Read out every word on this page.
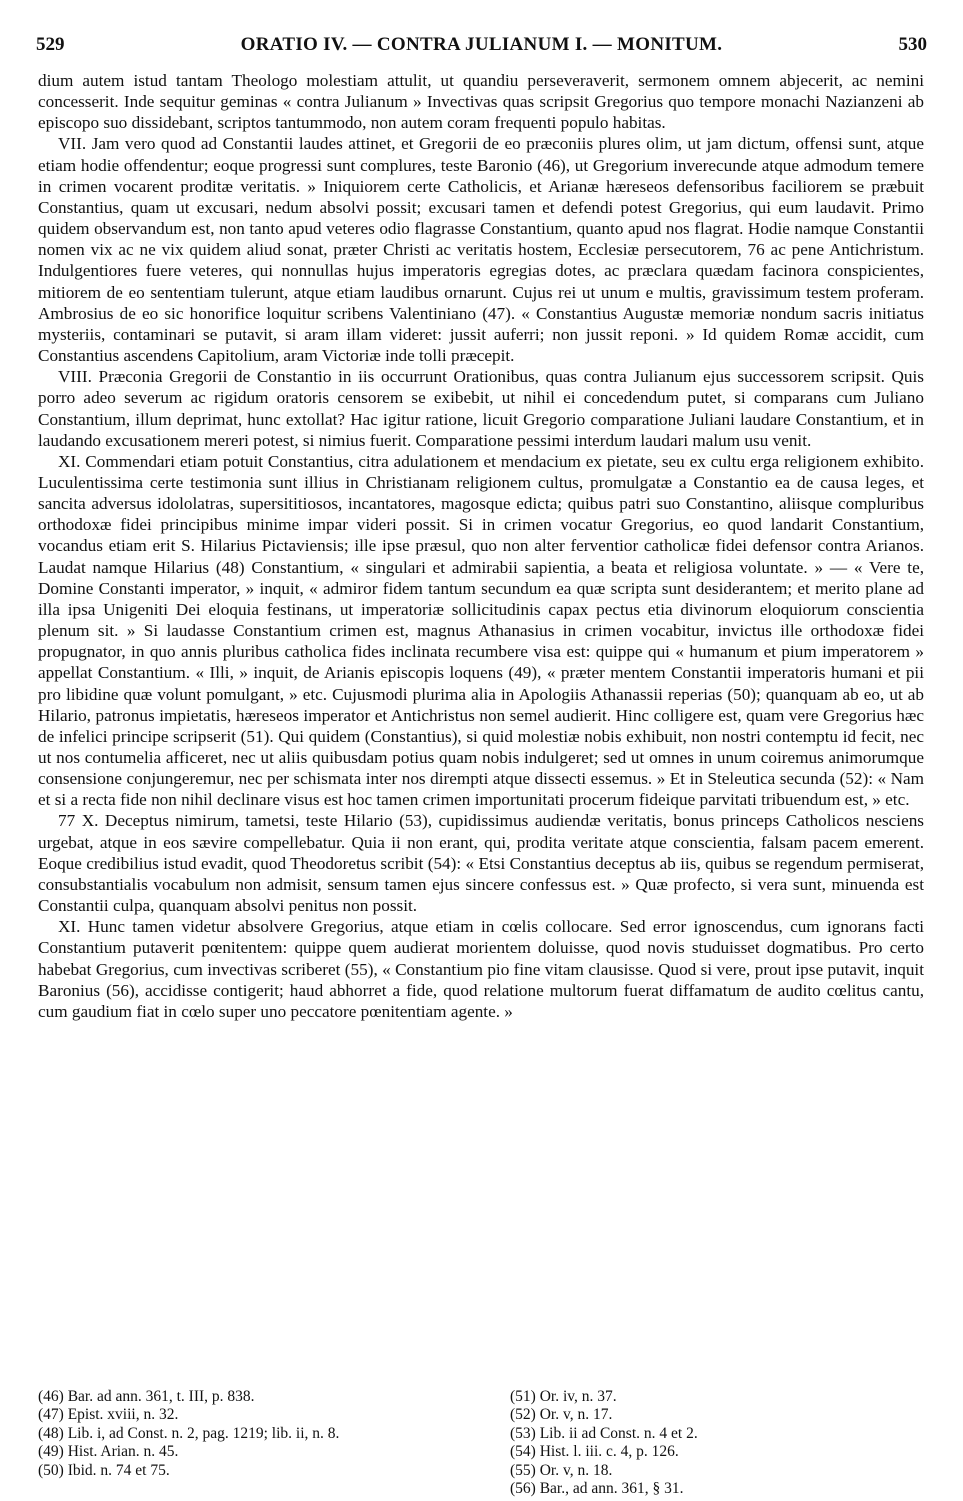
529	ORATIO IV. — CONTRA JULIANUM I. — MONITUM.	530

dium autem istud tantam Theologo molestiam attulit, ut quandiu perseveraverit, sermonem omnem abjecerit, ac nemini concesserit. Inde sequitur geminas « contra Julianum » Invectivas quas scripsit Gregorius quo tempore monachi Nazianzeni ab episcopo suo dissidebant, scriptos tantummodo, non autem coram frequenti populo habitas.

VII. Jam vero quod ad Constantii laudes attinet, et Gregorii de eo præconiis plures olim, ut jam dictum, offensi sunt, atque etiam hodie offendentur; eoque progressi sunt complures, teste Baronio (46), ut Gregorium inverecunde atque admodum temere in crimen vocarent proditæ veritatis. » Iniquiorem certe Catholicis, et Arianæ hæreseos defensoribus faciliorem se præbuit Constantius, quam ut excusari, nedum absolvi possit; excusari tamen et defendi potest Gregorius, qui eum laudavit. Primo quidem observandum est, non tanto apud veteres odio flagrasse Constantium, quanto apud nos flagrat. Hodie namque Constantii nomen vix ac ne vix quidem aliud sonat, præter Christi ac veritatis hostem, Ecclesiæ persecutorem, 76 ac pene Antichristum. Indulgentiores fuere veteres, qui nonnullas hujus imperatoris egregias dotes, ac præclara quædam facinora conspicientes, mitiorem de eo sententiam tulerunt, atque etiam laudibus ornarunt. Cujus rei ut unum e multis, gravissimum testem proferam. Ambrosius de eo sic honorifice loquitur scribens Valentiniano (47). « Constantius Augustæ memoriæ nondum sacris initiatus mysteriis, contaminari se putavit, si aram illam videret: jussit auferri; non jussit reponi. » Id quidem Romæ accidit, cum Constantius ascendens Capitolium, aram Victoriæ inde tolli præcepit.

VIII. Præconia Gregorii de Constantio in iis occurrunt Orationibus, quas contra Julianum ejus successorem scripsit. Quis porro adeo severum ac rigidum oratoris censorem se exibebit, ut nihil ei concedendum putet, si comparans cum Juliano Constantium, illum deprimat, hunc extollat? Hac igitur ratione, licuit Gregorio comparatione Juliani laudare Constantium, et in laudando excusationem mereri potest, si nimius fuerit. Comparatione pessimi interdum laudari malum usu venit.

XI. Commendari etiam potuit Constantius, citra adulationem et mendacium ex pietate, seu ex cultu erga religionem exhibito. Luculentissima certe testimonia sunt illius in Christianam religionem cultus, promulgatæ a Constantio ea de causa leges, et sancita adversus idololatras, supersititiosos, incantatores, magosque edicta; quibus patri suo Constantino, aliisque compluribus orthodoxæ fidei principibus minime impar videri possit. Si in crimen vocatur Gregorius, eo quod landarit Constantium, vocandus etiam erit S. Hilarius Pictaviensis; ille ipse præsul, quo non alter ferventior catholicæ fidei defensor contra Arianos. Laudat namque Hilarius (48) Constantium, « singulari et admirabii sapientia, a beata et religiosa voluntate. » — « Vere te, Domine Constanti imperator, » inquit, « admiror fidem tantum secundum ea quæ scripta sunt desiderantem; et merito plane ad illa ipsa Unigeniti Dei eloquia festinans, ut imperatoriæ sollicitudinis capax pectus etia divinorum eloquiorum conscientia plenum sit. » Si laudasse Constantium crimen est, magnus Athanasius in crimen vocabitur, invictus ille orthodoxæ fidei propugnator, in quo annis pluribus catholica fides inclinata recumbere visa est: quippe qui « humanum et pium imperatorem » appellat Constantium. « Illi, » inquit, de Arianis episcopis loquens (49), « præter mentem Constantii imperatoris humani et pii pro libidine quæ volunt pomulgant, » etc. Cujusmodi plurima alia in Apologiis Athanassii reperias (50); quanquam ab eo, ut ab Hilario, patronus impietatis, hæreseos imperator et Antichristus non semel audierit. Hinc colligere est, quam vere Gregorius hæc de infelici principe scripserit (51). Qui quidem (Constantius), si quid molestiæ nobis exhibuit, non nostri contemptu id fecit, nec ut nos contumelia afficeret, nec ut aliis quibusdam potius quam nobis indulgeret; sed ut omnes in unum coiremus animorumque consensione conjungeremur, nec per schismata inter nos dirempti atque dissecti essemus. » Et in Steleutica secunda (52): « Nam et si a recta fide non nihil declinare visus est hoc tamen crimen importunitati procerum fideique parvitati tribuendum est, » etc.

77 X. Deceptus nimirum, tametsi, teste Hilario (53), cupidissimus audiendæ veritatis, bonus princeps Catholicos nesciens urgebat, atque in eos sævire compellebatur. Quia ii non erant, qui, prodita veritate atque conscientia, falsam pacem emerent. Eoque credibilius istud evadit, quod Theodoretus scribit (54): « Etsi Constantius deceptus ab iis, quibus se regendum permiserat, consubstantialis vocabulum non admisit, sensum tamen ejus sincere confessus est. » Quæ profecto, si vera sunt, minuenda est Constantii culpa, quanquam absolvi penitus non possit.

XI. Hunc tamen videtur absolvere Gregorius, atque etiam in cœlis collocare. Sed error ignoscendus, cum ignorans facti Constantium putaverit pœnitentem: quippe quem audierat morientem doluisse, quod novis studuisset dogmatibus. Pro certo habebat Gregorius, cum invectivas scriberet (55), « Constantium pio fine vitam clausisse. Quod si vere, prout ipse putavit, inquit Baronius (56), accidisse contigerit; haud abhorret a fide, quod relatione multorum fuerat diffamatum de audito cœlitus cantu, cum gaudium fiat in cœlo super uno peccatore pœnitentiam agente. »

(46) Bar. ad ann. 361, t. III, p. 838.

(47) Epist. xviii, n. 32.

(48) Lib. i, ad Const. n. 2, pag. 1219; lib. ii, n. 8.

(49) Hist. Arian. n. 45.

(50) Ibid. n. 74 et 75.

(51) Or. iv, n. 37.

(52) Or. v, n. 17.

(53) Lib. ii ad Const. n. 4 et 2.

(54) Hist. l. iii. c. 4, p. 126.

(55) Or. v, n. 18.

(56) Bar., ad ann. 361, § 31.
